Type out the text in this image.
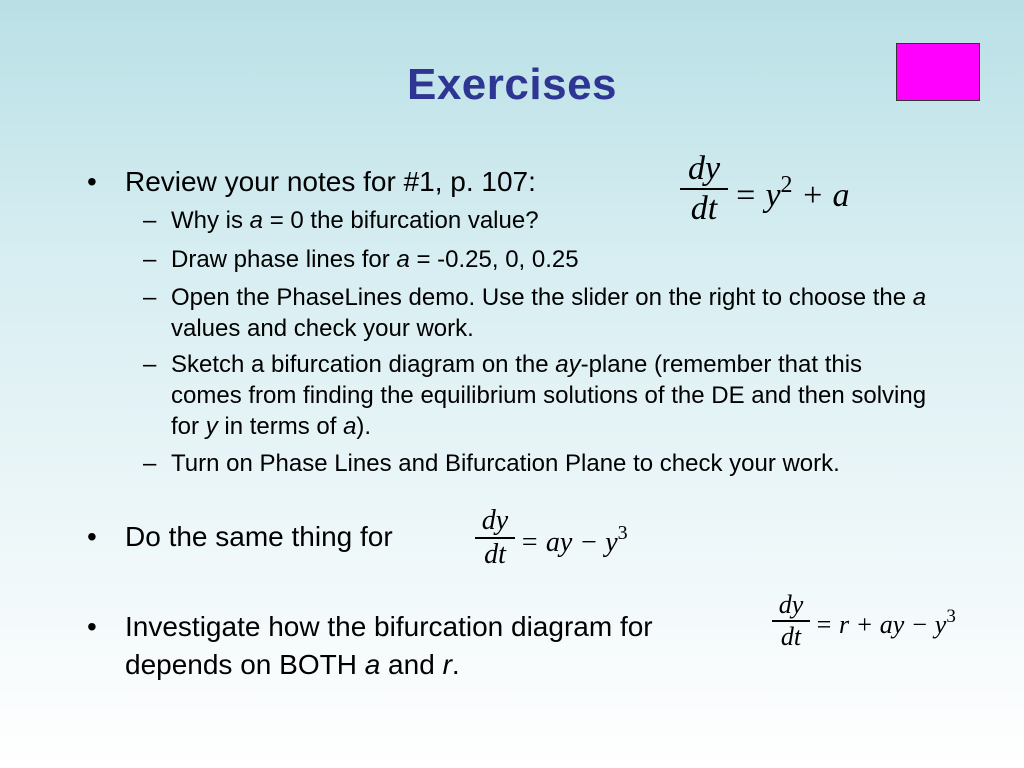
Exercises
• Review your notes for #1, p. 107:
– Why is a = 0 the bifurcation value?
– Draw phase lines for a = -0.25, 0, 0.25
– Open the PhaseLines demo. Use the slider on the right to choose the a values and check your work.
– Sketch a bifurcation diagram on the ay-plane (remember that this comes from finding the equilibrium solutions of the DE and then solving for y in terms of a).
– Turn on Phase Lines and Bifurcation Plane to check your work.
• Do the same thing for
• Investigate how the bifurcation diagram for
depends on BOTH a and r.
dy
dt = $y^2 + a$
dy
dt = ay − $y^3$
dy
dt = r + ay − $y^3$
